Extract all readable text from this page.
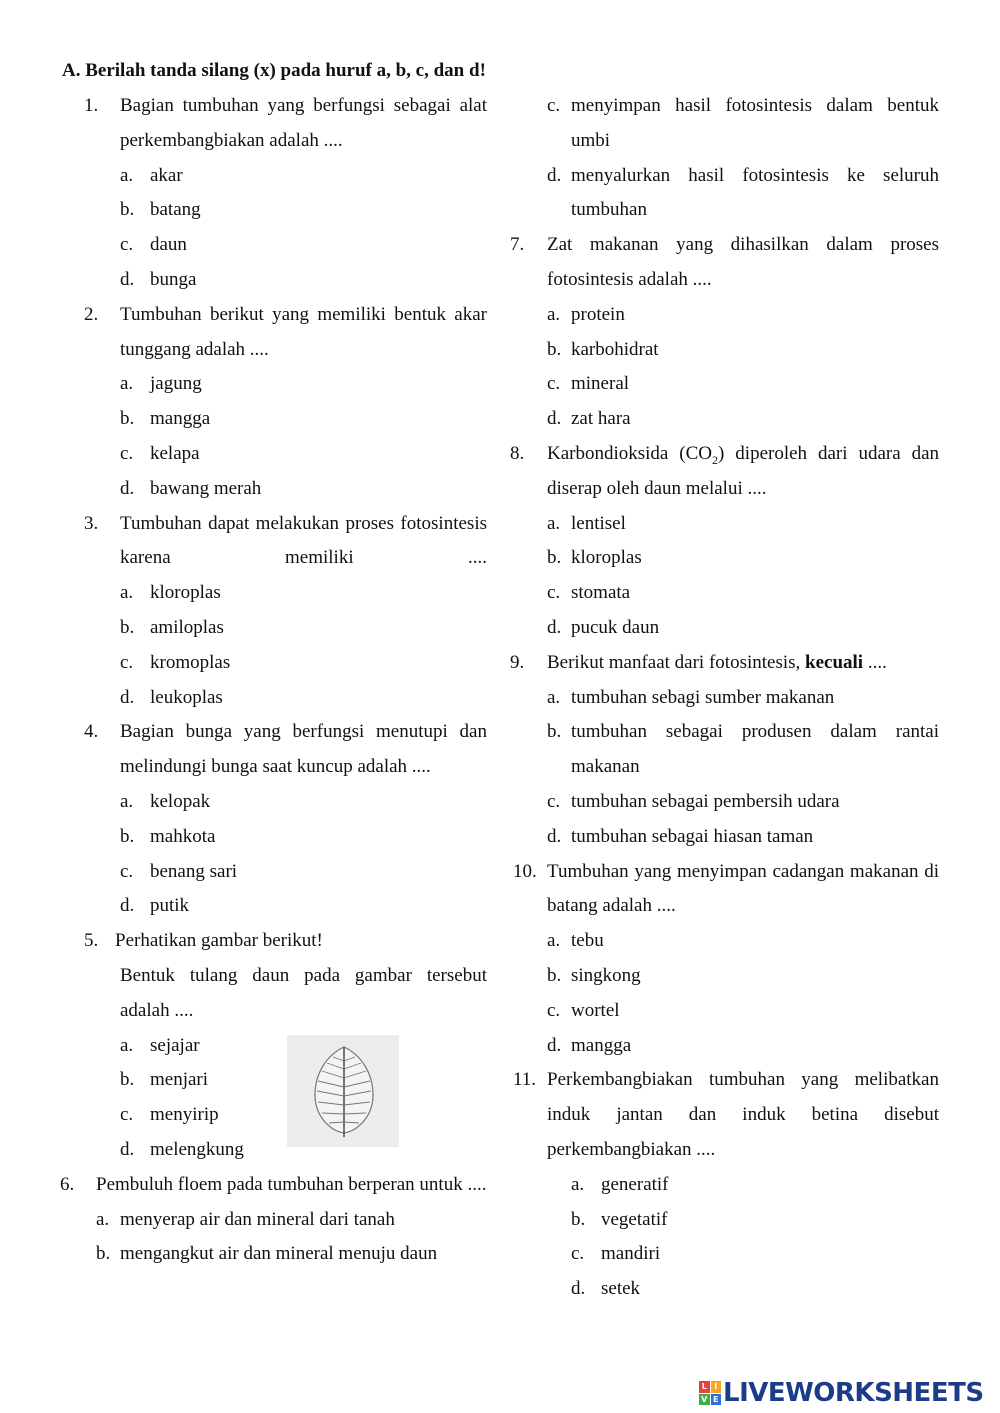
A. Berilah tanda silang (x) pada huruf a, b, c, dan d!
1. Bagian tumbuhan yang berfungsi sebagai alat perkembangbiakan adalah ....
a. akar
b. batang
c. daun
d. bunga
2. Tumbuhan berikut yang memiliki bentuk akar tunggang adalah ....
a. jagung
b. mangga
c. kelapa
d. bawang merah
3. Tumbuhan dapat melakukan proses fotosintesis karena memiliki ....
a. kloroplas
b. amiloplas
c. kromoplas
d. leukoplas
4. Bagian bunga yang berfungsi menutupi dan melindungi bunga saat kuncup adalah ....
a. kelopak
b. mahkota
c. benang sari
d. putik
5. Perhatikan gambar berikut!
Bentuk tulang daun pada gambar tersebut adalah ....
a. sejajar
b. menjari
c. menyirip
d. melengkung
6. Pembuluh floem pada tumbuhan berperan untuk ....
a. menyerap air dan mineral dari tanah
b. mengangkut air dan mineral menuju daun
c. menyimpan hasil fotosintesis dalam bentuk umbi
d. menyalurkan hasil fotosintesis ke seluruh tumbuhan
7. Zat makanan yang dihasilkan dalam proses fotosintesis adalah ....
a. protein
b. karbohidrat
c. mineral
d. zat hara
8. Karbondioksida $(CO_2)$ diperoleh dari udara dan diserap oleh daun melalui ....
a. lentisel
b. kloroplas
c. stomata
d. pucuk daun
9. Berikut manfaat dari fotosintesis, kecuali ....
a. tumbuhan sebagi sumber makanan
b. tumbuhan sebagai produsen dalam rantai makanan
c. tumbuhan sebagai pembersih udara
d. tumbuhan sebagai hiasan taman
10. Tumbuhan yang menyimpan cadangan makanan di batang adalah ....
a. tebu
b. singkong
c. wortel
d. mangga
11. Perkembangbiakan tumbuhan yang melibatkan induk jantan dan induk betina disebut perkembangbiakan ....
a. generatif
b. vegetatif
c. mandiri
d. setek
L I
V E LIVEWORKSHEETS
